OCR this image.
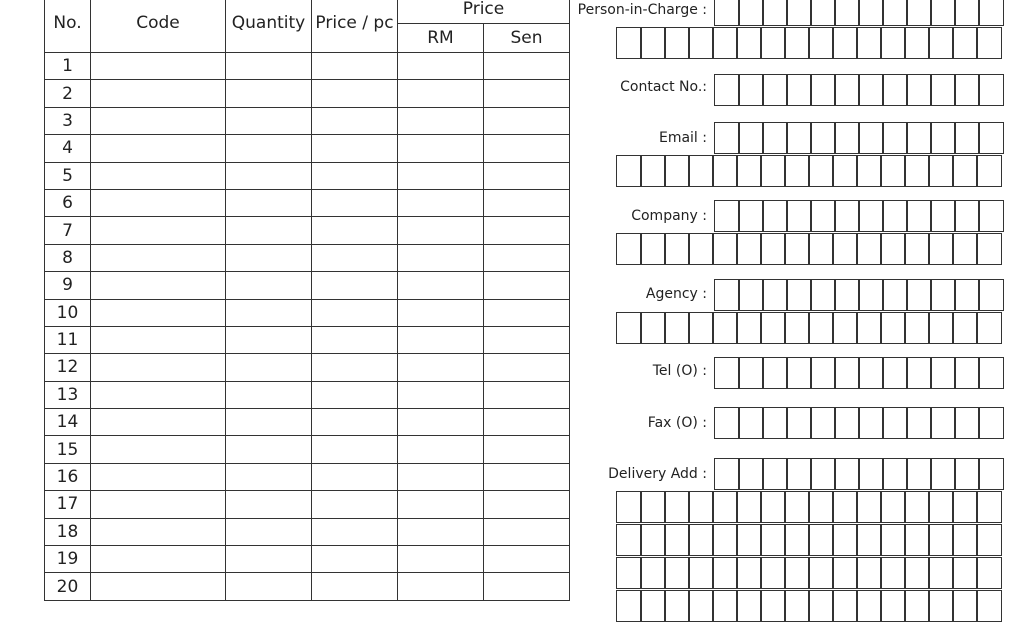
No.	Code	Quantity	Price / pc	Price	
				RM	Sen
1					
2					
3					
4					
5					
6					
7					
8					
9					
10					
11					
12					
13					
14					
15					
16					
17					
18					
19					
20					
Person-in-Charge :
Contact No.:
Email :
Company :
Agency :
Tel (O) :
Fax (O) :
Delivery Add :
